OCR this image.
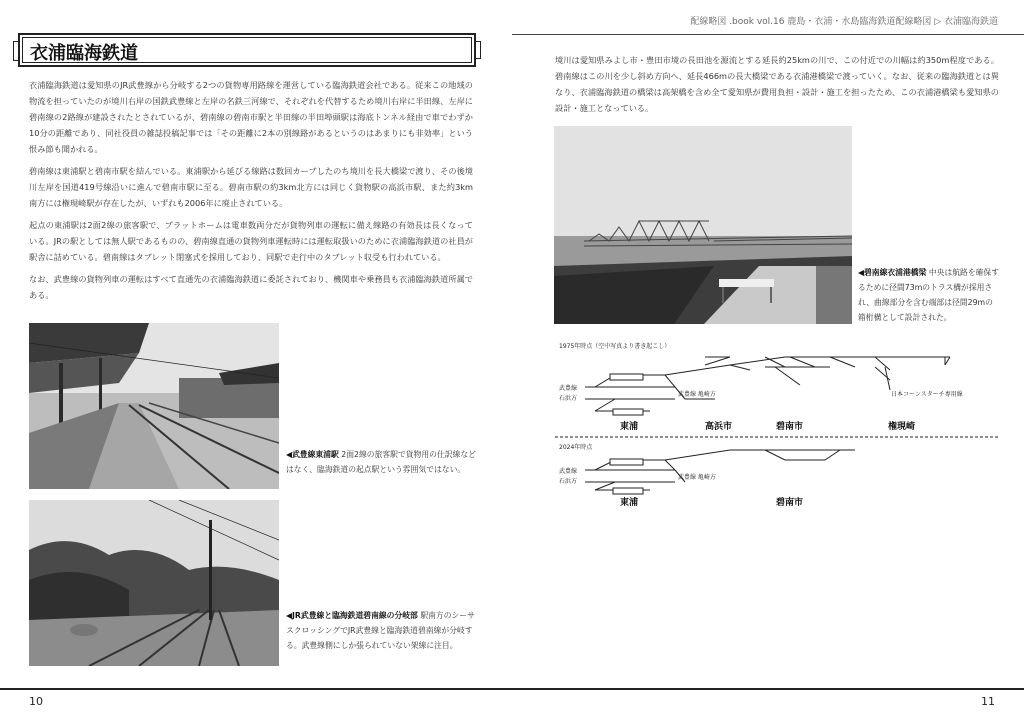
衣浦臨海鉄道

衣浦臨海鉄道は愛知県のJR武豊線から分岐する2つの貨物専用路線を運営している臨海鉄道会社である。従来この地域の物流を担っていたのが境川右岸の国鉄武豊線と左岸の名鉄三河線で、それぞれを代替するため境川右岸に半田線、左岸に碧南線の2路線が建設されたとされているが、碧南線の碧南市駅と半田線の半田埠頭駅は海底トンネル経由で車でわずか10分の距離であり、同社役員の雑誌投稿記事では「その距離に2本の別線路があるというのはあまりにも非効率」という恨み節も聞かれる。

碧南線は東浦駅と碧南市駅を結んでいる。東浦駅から延びる線路は数回カーブしたのち境川を長大橋梁で渡り、その後境川左岸を国道419号線沿いに進んで碧南市駅に至る。碧南市駅の約3km北方には同じく貨物駅の高浜市駅、また約3km南方には権現崎駅が存在したが、いずれも2006年に廃止されている。

起点の東浦駅は2面2線の旅客駅で、プラットホームは電車数両分だが貨物列車の運転に備え線路の有効長は長くなっている。JRの駅としては無人駅であるものの、碧南線直通の貨物列車運転時には運転取扱いのために衣浦臨海鉄道の社員が駅舎に詰めている。碧南線はタブレット閉塞式を採用しており、同駅で走行中のタブレット収受も行われている。

なお、武豊線の貨物列車の運転はすべて直通先の衣浦臨海鉄道に委託されており、機関車や乗務員も衣浦臨海鉄道所属である。

◀武豊線東浦駅 2面2線の旅客駅で貨物用の仕訳線などはなく、臨海鉄道の起点駅という雰囲気ではない。
◀JR武豊線と臨海鉄道碧南線の分岐部 駅南方のシーサスクロッシングでJR武豊線と臨海鉄道碧南線が分岐する。武豊線側にしか張られていない架線に注目。
10
配線略図 .book vol.16 鹿島・衣浦・水島臨海鉄道配線略図 ▷ 衣浦臨海鉄道

境川は愛知県みよし市・豊田市境の長田池を源流とする延長約25kmの川で、この付近での川幅は約350m程度である。碧南線はこの川を少し斜め方向へ、延長466mの長大橋梁である衣浦港橋梁で渡っていく。なお、従来の臨海鉄道とは異なり、衣浦臨海鉄道の橋梁は高架橋を含め全て愛知県が費用負担・設計・施工を担ったため、この衣浦港橋梁も愛知県の設計・施工となっている。

◀碧南線衣浦港橋梁 中央は航路を確保するために径間73mのトラス構が採用され、曲線部分を含む端部は径間29mの箱桁構として設計された。
11
1975年時点（空中写真より書き起こし）
武豊線
石浜方
武豊線 亀崎方	日本コーンスターチ専用線
東浦	高浜市	碧南市	権現崎
2024年時点
武豊線
石浜方
武豊線 亀崎方
東浦	碧南市
